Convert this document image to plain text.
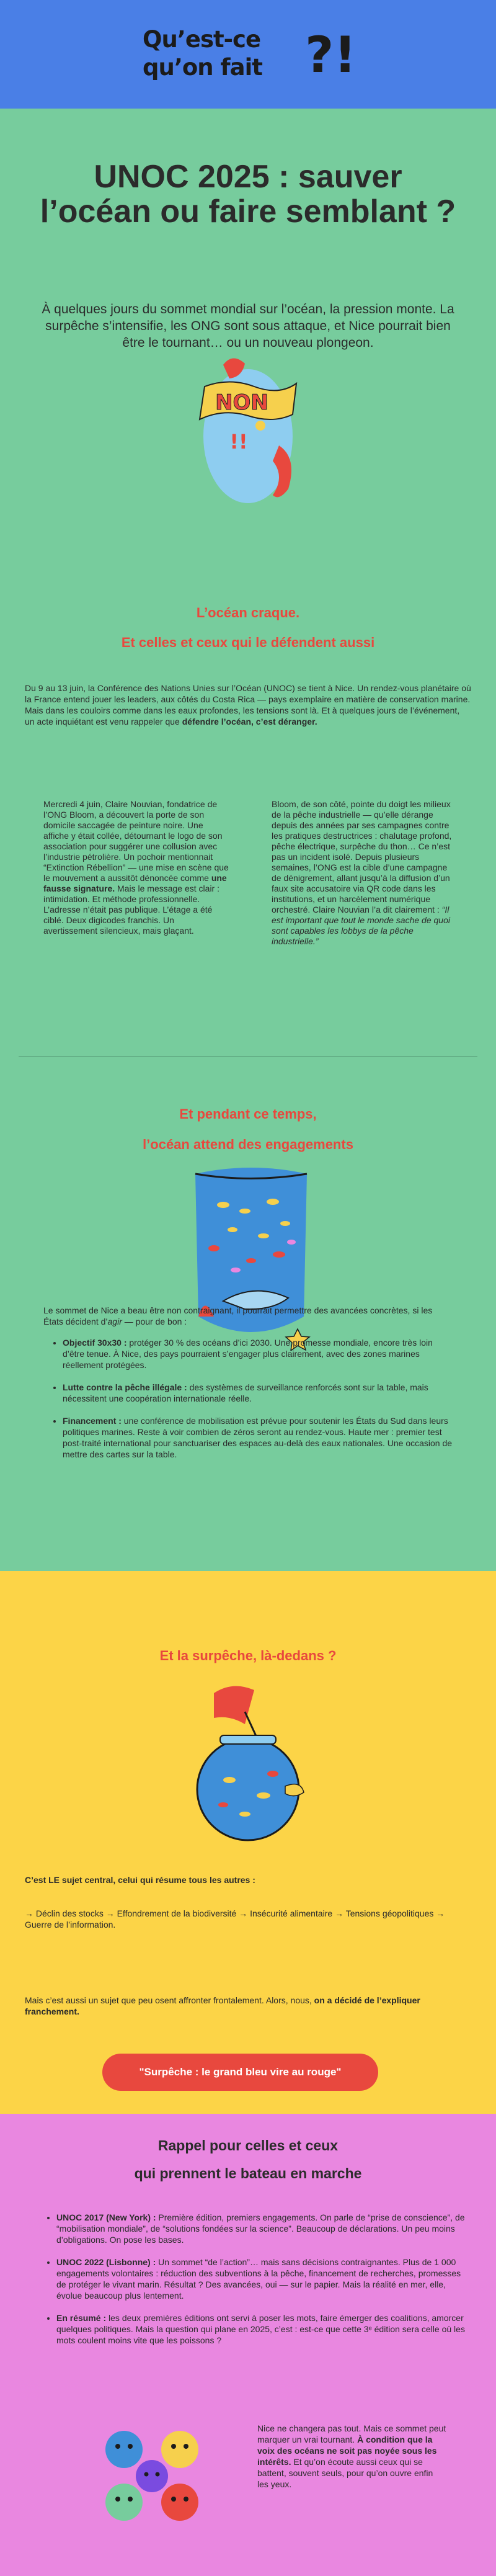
Qu’est-ce
qu’on fait ?!
UNOC 2025 : sauver l’océan ou faire semblant ?

À quelques jours du sommet mondial sur l’océan, la pression monte. La surpêche s’intensifie, les ONG sont sous attaque, et Nice pourrait bien être le tournant… ou un nouveau plongeon.

NON
!!

L’océan craque.

Et celles et ceux qui le défendent aussi

Du 9 au 13 juin, la Conférence des Nations Unies sur l’Océan (UNOC) se tient à Nice. Un rendez-vous planétaire où la France entend jouer les leaders, aux côtés du Costa Rica — pays exemplaire en matière de conservation marine. Mais dans les couloirs comme dans les eaux profondes, les tensions sont là. Et à quelques jours de l’événement, un acte inquiétant est venu rappeler que défendre l’océan, c’est déranger.

Mercredi 4 juin, Claire Nouvian, fondatrice de l’ONG Bloom, a découvert la porte de son domicile saccagée de peinture noire. Une affiche y était collée, détournant le logo de son association pour suggérer une collusion avec l’industrie pétrolière. Un pochoir mentionnait “Extinction Rébellion” — une mise en scène que le mouvement a aussitôt dénoncée comme une fausse signature. Mais le message est clair : intimidation. Et méthode professionnelle. L’adresse n’était pas publique. L’étage a été ciblé. Deux digicodes franchis. Un avertissement silencieux, mais glaçant.

Bloom, de son côté, pointe du doigt les milieux de la pêche industrielle — qu’elle dérange depuis des années par ses campagnes contre les pratiques destructrices : chalutage profond, pêche électrique, surpêche du thon… Ce n’est pas un incident isolé. Depuis plusieurs semaines, l’ONG est la cible d’une campagne de dénigrement, allant jusqu’à la diffusion d’un faux site accusatoire via QR code dans les institutions, et un harcèlement numérique orchestré. Claire Nouvian l’a dit clairement : “Il est important que tout le monde sache de quoi sont capables les lobbys de la pêche industrielle.”

Et pendant ce temps,

l’océan attend des engagements

Le sommet de Nice a beau être non contraignant, il pourrait permettre des avancées concrètes, si les États décident d’agir — pour de bon :

• Objectif 30x30 : protéger 30 % des océans d’ici 2030. Une promesse mondiale, encore très loin d’être tenue. À Nice, des pays pourraient s’engager plus clairement, avec des zones marines réellement protégées.
• Lutte contre la pêche illégale : des systèmes de surveillance renforcés sont sur la table, mais nécessitent une coopération internationale réelle.
• Financement : une conférence de mobilisation est prévue pour soutenir les États du Sud dans leurs politiques marines. Reste à voir combien de zéros seront au rendez-vous. Haute mer : premier test post-traité international pour sanctuariser des espaces au-delà des eaux nationales. Une occasion de mettre des cartes sur la table.

Et la surpêche, là-dedans ?

C’est LE sujet central, celui qui résume tous les autres :

→ Déclin des stocks → Effondrement de la biodiversité → Insécurité alimentaire → Tensions géopolitiques → Guerre de l’information.

Mais c’est aussi un sujet que peu osent affronter frontalement. Alors, nous, on a décidé de l’expliquer franchement.

"Surpêche : le grand bleu vire au rouge"

Rappel pour celles et ceux

qui prennent le bateau en marche

• UNOC 2017 (New York) : Première édition, premiers engagements. On parle de “prise de conscience”, de “mobilisation mondiale”, de “solutions fondées sur la science”. Beaucoup de déclarations. Un peu moins d’obligations. On pose les bases.
• UNOC 2022 (Lisbonne) : Un sommet “de l’action”… mais sans décisions contraignantes. Plus de 1 000 engagements volontaires : réduction des subventions à la pêche, financement de recherches, promesses de protéger le vivant marin. Résultat ? Des avancées, oui — sur le papier. Mais la réalité en mer, elle, évolue beaucoup plus lentement.
• En résumé : les deux premières éditions ont servi à poser les mots, faire émerger des coalitions, amorcer quelques politiques. Mais la question qui plane en 2025, c’est : est-ce que cette 3ᵉ édition sera celle où les mots coulent moins vite que les poissons ?

Nice ne changera pas tout. Mais ce sommet peut marquer un vrai tournant. À condition que la voix des océans ne soit pas noyée sous les intérêts. Et qu’on écoute aussi ceux qui se battent, souvent seuls, pour qu’on ouvre enfin les yeux.
